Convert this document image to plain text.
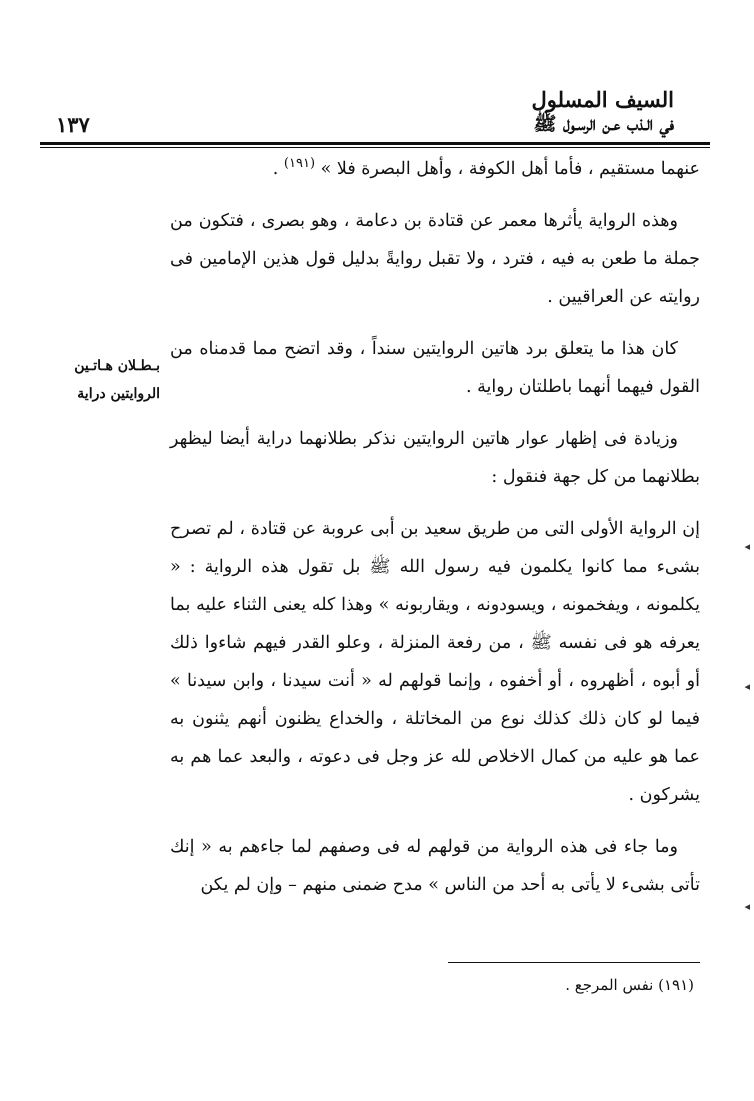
السيف المسلول
في الـذب عـن الرسـول ﷺ
١٣٧
بـطـلان هـاتـين
الروايتين دراية

عنهما مستقيم ، فأما أهل الكوفة ، وأهل البصرة فلا » $^{(١٩١)}$ .

وهذه الرواية يأثرها معمر عن قتادة بن دعامة ، وهو بصرى ، فتكون من جملة ما طعن به فيه ، فترد ، ولا تقبل روايةً بدليل قول هذين الإمامين فى روايته عن العراقيين .

كان هذا ما يتعلق برد هاتين الروايتين سنداً ، وقد اتضح مما قدمناه من القول فيهما أنهما باطلتان رواية .

وزيادة فى إظهار عوار هاتين الروايتين نذكر بطلانهما دراية أيضا ليظهر بطلانهما من كل جهة فنقول :

إن الرواية الأولى التى من طريق سعيد بن أبى عروبة عن قتادة ، لم تصرح بشىء مما كانوا يكلمون فيه رسول الله ﷺ بل تقول هذه الرواية : « يكلمونه ، ويفخمونه ، ويسودونه ، ويقاربونه » وهذا كله يعنى الثناء عليه بما يعرفه هو فى نفسه ﷺ ، من رفعة المنزلة ، وعلو القدر فيهم شاءوا ذلك أو أبوه ، أظهروه ، أو أخفوه ، وإنما قولهم له « أنت سيدنا ، وابن سيدنا » فيما لو كان ذلك كذلك نوع من المخاتلة ، والخداع يظنون أنهم يثنون به عما هو عليه من كمال الاخلاص لله عز وجل فى دعوته ، والبعد عما هم به يشركون .

وما جاء فى هذه الرواية من قولهم له فى وصفهم لما جاءهم به « إنك تأتى بشىء لا يأتى به أحد من الناس » مدح ضمنى منهم – وإن لم يكن

(١٩١) نفس المرجع .
◂
◂
◂
